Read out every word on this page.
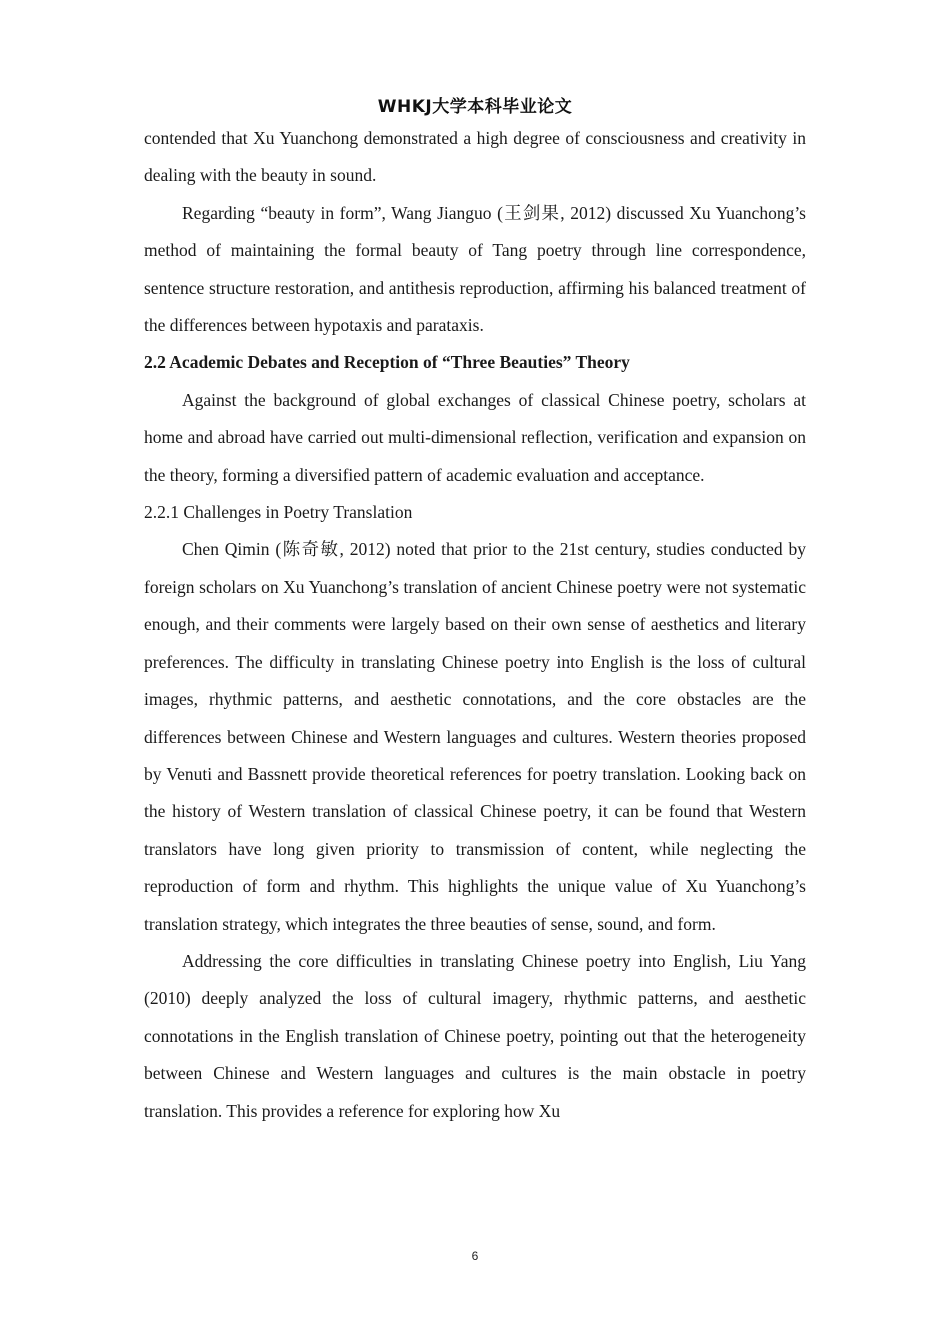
WHKJ大学本科毕业论文

contended that Xu Yuanchong demonstrated a high degree of consciousness and creativity in dealing with the beauty in sound.

Regarding “beauty in form”, Wang Jianguo (王剑果, 2012) discussed Xu Yuanchong’s method of maintaining the formal beauty of Tang poetry through line correspondence, sentence structure restoration, and antithesis reproduction, affirming his balanced treatment of the differences between hypotaxis and parataxis.

2.2 Academic Debates and Reception of “Three Beauties” Theory

Against the background of global exchanges of classical Chinese poetry, scholars at home and abroad have carried out multi-dimensional reflection, verification and expansion on the theory, forming a diversified pattern of academic evaluation and acceptance.

2.2.1 Challenges in Poetry Translation

Chen Qimin (陈奇敏, 2012) noted that prior to the 21st century, studies conducted by foreign scholars on Xu Yuanchong’s translation of ancient Chinese poetry were not systematic enough, and their comments were largely based on their own sense of aesthetics and literary preferences. The difficulty in translating Chinese poetry into English is the loss of cultural images, rhythmic patterns, and aesthetic connotations, and the core obstacles are the differences between Chinese and Western languages and cultures. Western theories proposed by Venuti and Bassnett provide theoretical references for poetry translation. Looking back on the history of Western translation of classical Chinese poetry, it can be found that Western translators have long given priority to transmission of content, while neglecting the reproduction of form and rhythm. This highlights the unique value of Xu Yuanchong’s translation strategy, which integrates the three beauties of sense, sound, and form.

Addressing the core difficulties in translating Chinese poetry into English, Liu Yang (2010) deeply analyzed the loss of cultural imagery, rhythmic patterns, and aesthetic connotations in the English translation of Chinese poetry, pointing out that the heterogeneity between Chinese and Western languages and cultures is the main obstacle in poetry translation. This provides a reference for exploring how Xu

6
